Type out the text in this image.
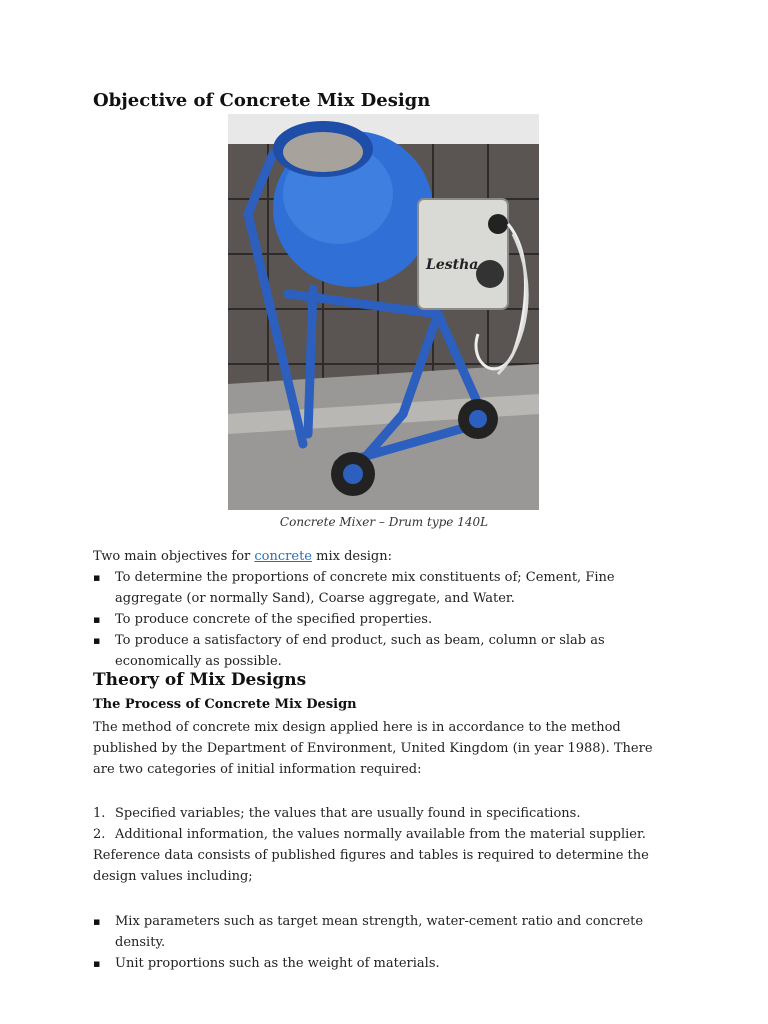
Objective of Concrete Mix Design
Lestha
Concrete Mixer – Drum type 140L

Two main objectives for concrete mix design:

▪ To determine the proportions of concrete mix constituents of; Cement, Fine aggregate (or normally Sand), Coarse aggregate, and Water.
▪ To produce concrete of the specified properties.
▪ To produce a satisfactory of end product, such as beam, column or slab as economically as possible.
Theory of Mix Designs
The Process of Concrete Mix Design

The method of concrete mix design applied here is in accordance to the method published by the Department of Environment, United Kingdom (in year 1988). There are two categories of initial information required:

1. Specified variables; the values that are usually found in specifications.
2. Additional information, the values normally available from the material supplier.

Reference data consists of published figures and tables is required to determine the design values including;

▪ Mix parameters such as target mean strength, water-cement ratio and concrete density.
▪ Unit proportions such as the weight of materials.
